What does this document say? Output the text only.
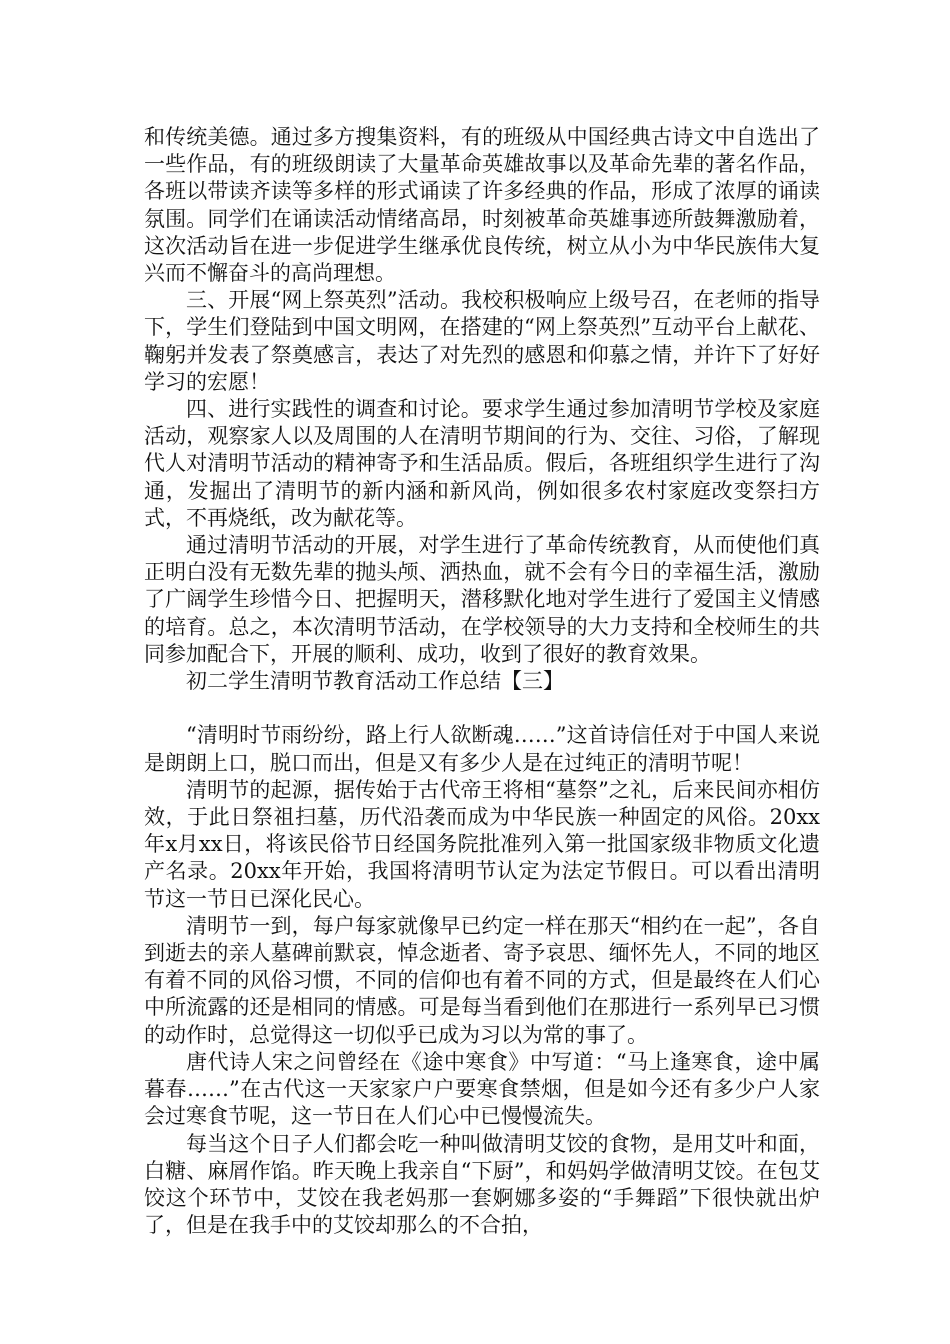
和传统美德。通过多方搜集资料，有的班级从中国经典古诗文中自选出了一些作品，有的班级朗读了大量革命英雄故事以及革命先辈的著名作品，各班以带读齐读等多样的形式诵读了许多经典的作品，形成了浓厚的诵读氛围。同学们在诵读活动情绪高昂，时刻被革命英雄事迹所鼓舞激励着，这次活动旨在进一步促进学生继承优良传统，树立从小为中华民族伟大复兴而不懈奋斗的高尚理想。

三、开展“网上祭英烈”活动。我校积极响应上级号召，在老师的指导下，学生们登陆到中国文明网，在搭建的“网上祭英烈”互动平台上献花、鞠躬并发表了祭奠感言，表达了对先烈的感恩和仰慕之情，并许下了好好学习的宏愿！

四、进行实践性的调查和讨论。要求学生通过参加清明节学校及家庭活动，观察家人以及周围的人在清明节期间的行为、交往、习俗，了解现代人对清明节活动的精神寄予和生活品质。假后，各班组织学生进行了沟通，发掘出了清明节的新内涵和新风尚，例如很多农村家庭改变祭扫方式，不再烧纸，改为献花等。

通过清明节活动的开展，对学生进行了革命传统教育，从而使他们真正明白没有无数先辈的抛头颅、洒热血，就不会有今日的幸福生活，激励了广阔学生珍惜今日、把握明天，潜移默化地对学生进行了爱国主义情感的培育。总之，本次清明节活动，在学校领导的大力支持和全校师生的共同参加配合下，开展的顺利、成功，收到了很好的教育效果。

初二学生清明节教育活动工作总结【三】

“清明时节雨纷纷，路上行人欲断魂……”这首诗信任对于中国人来说是朗朗上口，脱口而出，但是又有多少人是在过纯正的清明节呢！

清明节的起源，据传始于古代帝王将相“墓祭”之礼，后来民间亦相仿效，于此日祭祖扫墓，历代沿袭而成为中华民族一种固定的风俗。20xx年x月xx日，将该民俗节日经国务院批准列入第一批国家级非物质文化遗产名录。20xx年开始，我国将清明节认定为法定节假日。可以看出清明节这一节日已深化民心。

清明节一到，每户每家就像早已约定一样在那天“相约在一起”，各自到逝去的亲人墓碑前默哀，悼念逝者、寄予哀思、缅怀先人，不同的地区有着不同的风俗习惯，不同的信仰也有着不同的方式，但是最终在人们心中所流露的还是相同的情感。可是每当看到他们在那进行一系列早已习惯的动作时，总觉得这一切似乎已成为习以为常的事了。

唐代诗人宋之问曾经在《途中寒食》中写道：“马上逢寒食，途中属暮春……”在古代这一天家家户户要寒食禁烟，但是如今还有多少户人家会过寒食节呢，这一节日在人们心中已慢慢流失。

每当这个日子人们都会吃一种叫做清明艾饺的食物，是用艾叶和面，白糖、麻屑作馅。昨天晚上我亲自“下厨”，和妈妈学做清明艾饺。在包艾饺这个环节中，艾饺在我老妈那一套婀娜多姿的“手舞蹈”下很快就出炉了，但是在我手中的艾饺却那么的不合拍，
